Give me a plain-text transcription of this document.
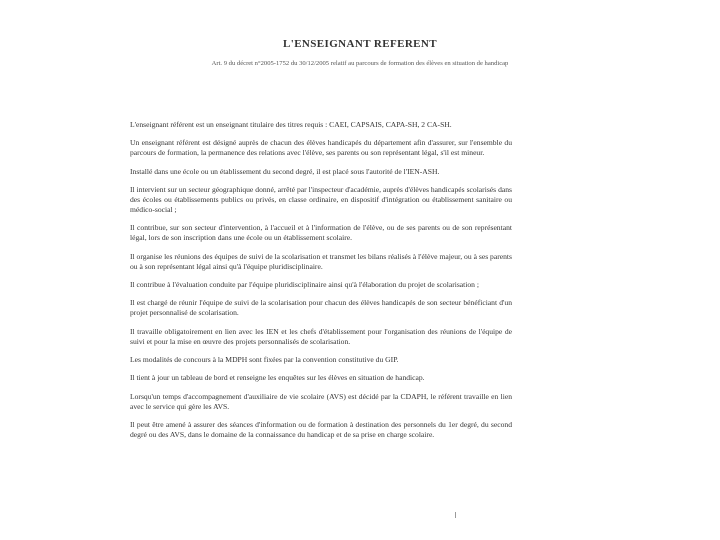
L'ENSEIGNANT REFERENT
Art. 9 du décret n°2005-1752 du 30/12/2005 relatif au parcours de formation des élèves en situation de handicap

L'enseignant référent est un enseignant titulaire des titres requis : CAEI, CAPSAIS, CAPA-SH, 2 CA-SH.

Un enseignant référent est désigné auprès de chacun des élèves handicapés du département afin d'assurer, sur l'ensemble du parcours de formation, la permanence des relations avec l'élève, ses parents ou son représentant légal, s'il est mineur.

Installé dans une école ou un établissement du second degré, il est placé sous l'autorité de l'IEN-ASH.

Il intervient sur un secteur géographique donné, arrêté par l'inspecteur d'académie, auprès d'élèves handicapés scolarisés dans des écoles ou établissements publics ou privés, en classe ordinaire, en dispositif d'intégration ou établissement sanitaire ou médico-social ;

Il contribue, sur son secteur d'intervention, à l'accueil et à l'information de l'élève, ou de ses parents ou de son représentant légal, lors de son inscription dans une école ou un établissement scolaire.

Il organise les réunions des équipes de suivi de la scolarisation et transmet les bilans réalisés à l'élève majeur, ou à ses parents ou à son représentant légal ainsi qu'à l'équipe pluridisciplinaire.

Il contribue à l'évaluation conduite par l'équipe pluridisciplinaire ainsi qu'à l'élaboration du projet de scolarisation ;

Il est chargé de réunir l'équipe de suivi de la scolarisation pour chacun des élèves handicapés de son secteur bénéficiant d'un projet personnalisé de scolarisation.

Il travaille obligatoirement en lien avec les IEN et les chefs d'établissement pour l'organisation des réunions de l'équipe de suivi et pour la mise en œuvre des projets personnalisés de scolarisation.

Les modalités de concours à la MDPH sont fixées par la convention constitutive du GIP.

Il tient à jour un tableau de bord et renseigne les enquêtes sur les élèves en situation de handicap.

Lorsqu'un temps d'accompagnement d'auxiliaire de vie scolaire (AVS) est décidé par la CDAPH, le référent travaille en lien avec le service qui gère les AVS.

Il peut être amené à assurer des séances d'information ou de formation à destination des personnels du 1er degré, du second degré ou des AVS, dans le domaine de la connaissance du handicap et de sa prise en charge scolaire.
